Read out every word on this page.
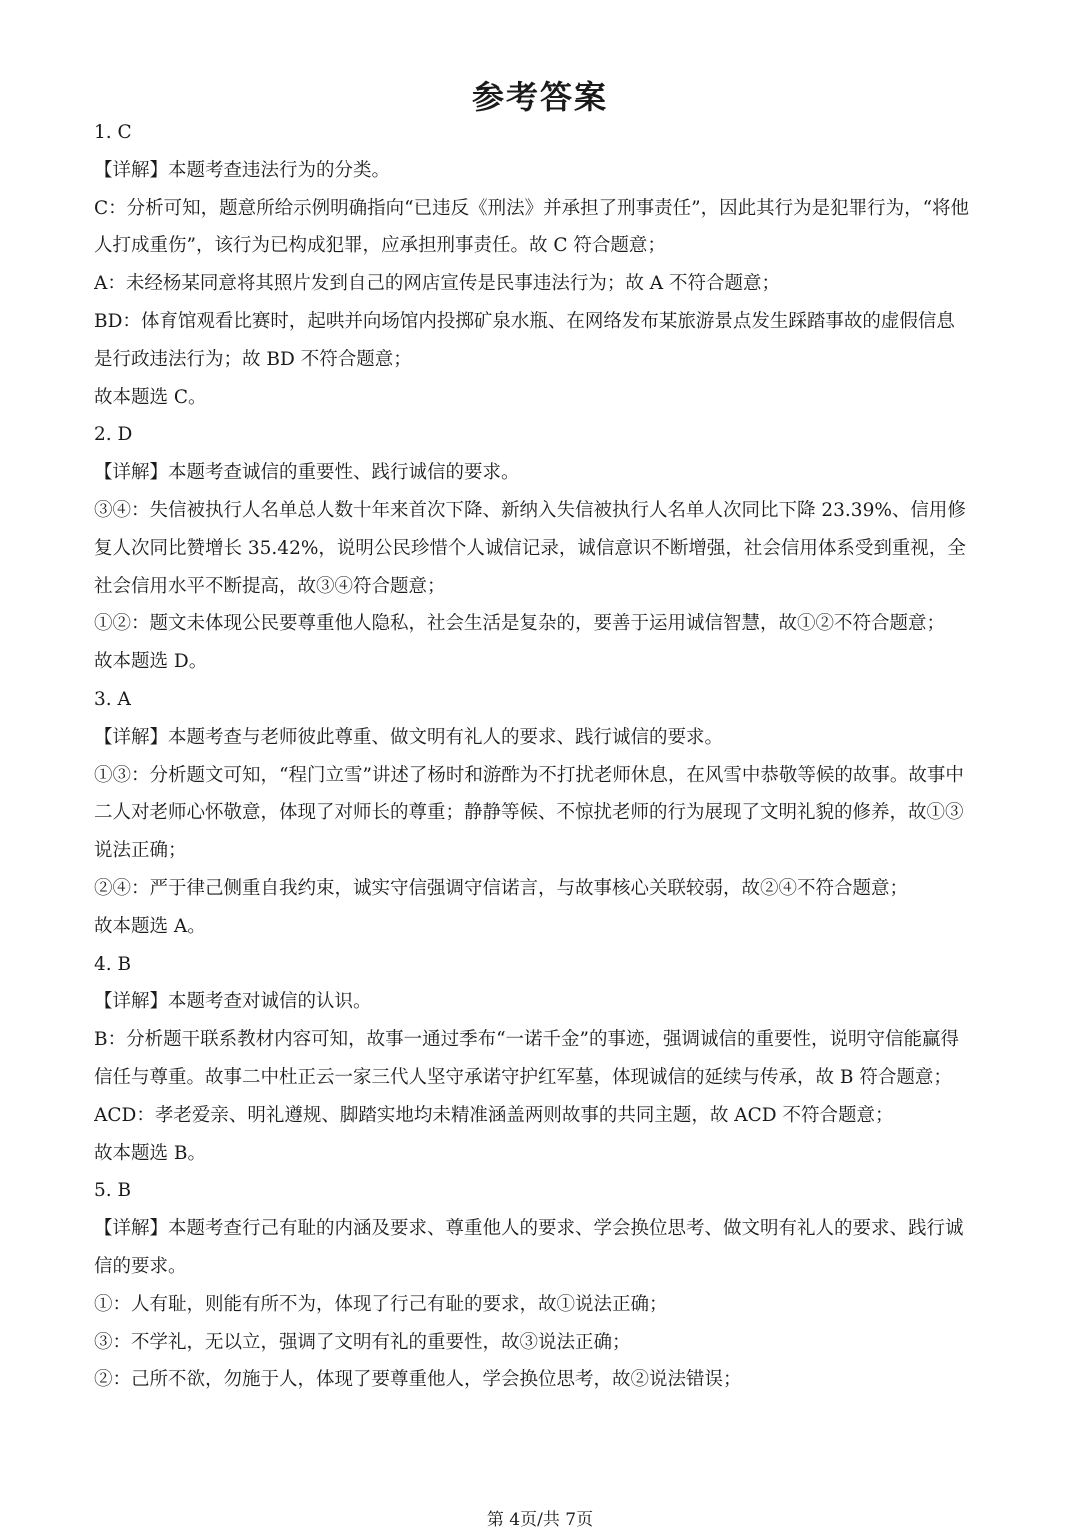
参考答案
1. C
【详解】本题考查违法行为的分类。
C：分析可知，题意所给示例明确指向“已违反《刑法》并承担了刑事责任”，因此其行为是犯罪行为，“将他
人打成重伤”，该行为已构成犯罪，应承担刑事责任。故 C 符合题意；
A：未经杨某同意将其照片发到自己的网店宣传是民事违法行为；故 A 不符合题意；
BD：体育馆观看比赛时，起哄并向场馆内投掷矿泉水瓶、在网络发布某旅游景点发生踩踏事故的虚假信息
是行政违法行为；故 BD 不符合题意；
故本题选 C。
2. D
【详解】本题考查诚信的重要性、践行诚信的要求。
③④：失信被执行人名单总人数十年来首次下降、新纳入失信被执行人名单人次同比下降 23.39%、信用修
复人次同比赞增长 35.42%，说明公民珍惜个人诚信记录，诚信意识不断增强，社会信用体系受到重视，全
社会信用水平不断提高，故③④符合题意；
①②：题文未体现公民要尊重他人隐私，社会生活是复杂的，要善于运用诚信智慧，故①②不符合题意；
故本题选 D。
3. A
【详解】本题考查与老师彼此尊重、做文明有礼人的要求、践行诚信的要求。
①③：分析题文可知，“程门立雪”讲述了杨时和游酢为不打扰老师休息，在风雪中恭敬等候的故事。故事中
二人对老师心怀敬意，体现了对师长的尊重；静静等候、不惊扰老师的行为展现了文明礼貌的修养，故①③
说法正确；
②④：严于律己侧重自我约束，诚实守信强调守信诺言，与故事核心关联较弱，故②④不符合题意；
故本题选 A。
4. B
【详解】本题考查对诚信的认识。
B：分析题干联系教材内容可知，故事一通过季布“一诺千金”的事迹，强调诚信的重要性，说明守信能赢得
信任与尊重。故事二中杜正云一家三代人坚守承诺守护红军墓，体现诚信的延续与传承，故 B 符合题意；
ACD：孝老爱亲、明礼遵规、脚踏实地均未精准涵盖两则故事的共同主题，故 ACD 不符合题意；
故本题选 B。
5. B
【详解】本题考查行己有耻的内涵及要求、尊重他人的要求、学会换位思考、做文明有礼人的要求、践行诚
信的要求。
①：人有耻，则能有所不为，体现了行己有耻的要求，故①说法正确；
③：不学礼，无以立，强调了文明有礼的重要性，故③说法正确；
②：己所不欲，勿施于人，体现了要尊重他人，学会换位思考，故②说法错误；
第 4页/共 7页
